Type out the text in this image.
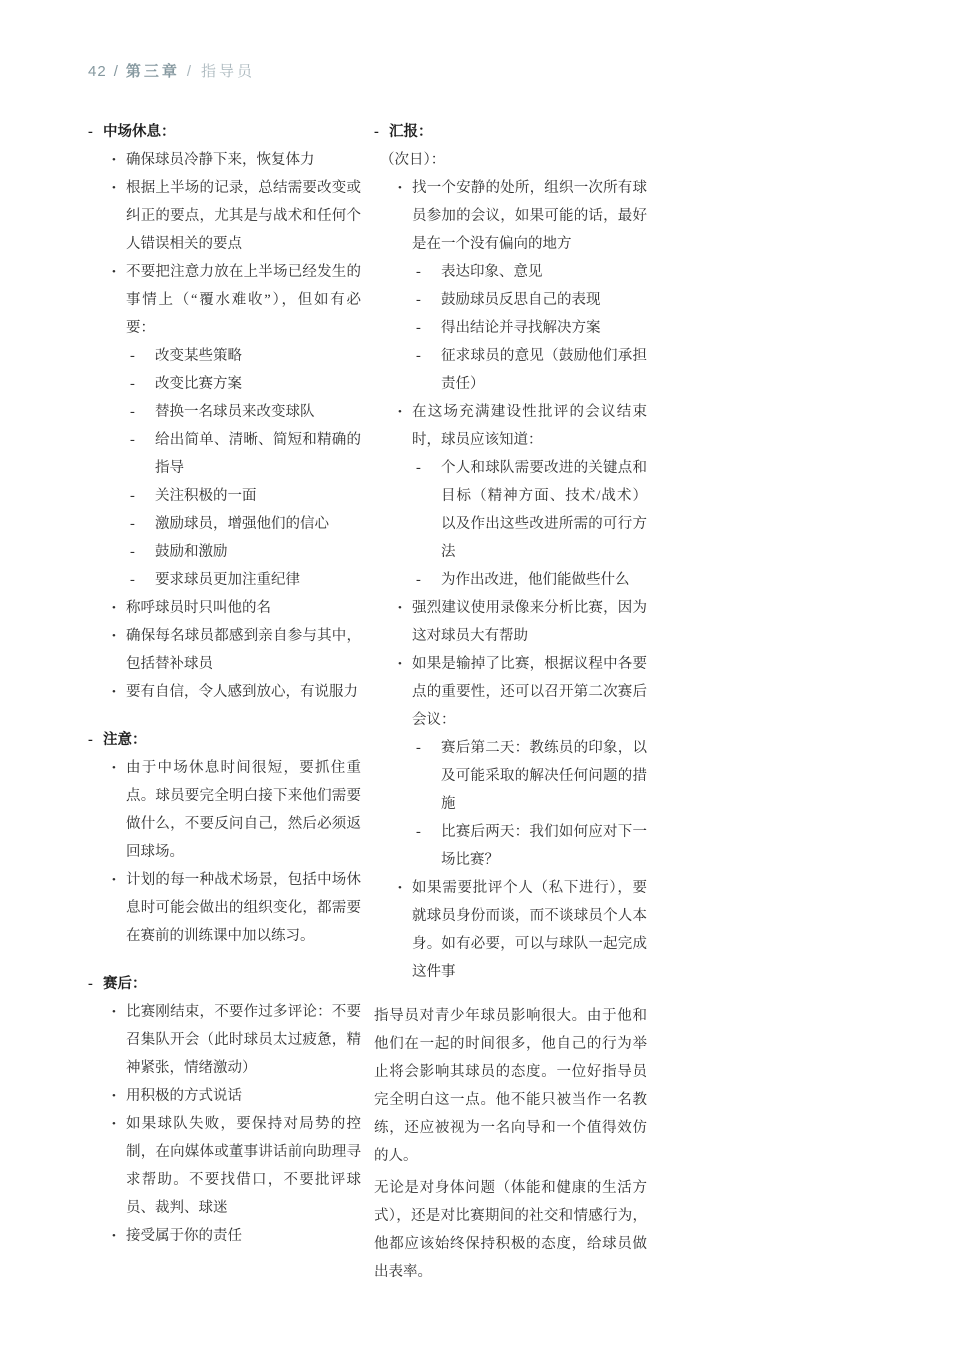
42 / 第三章 / 指导员
- 中场休息：
• 确保球员冷静下来，恢复体力
• 根据上半场的记录，总结需要改变或纠正的要点，尤其是与战术和任何个人错误相关的要点
• 不要把注意力放在上半场已经发生的事情上（“覆水难收”），但如有必要：
-	改变某些策略
-	改变比赛方案
-	替换一名球员来改变球队
-	给出简单、清晰、简短和精确的指导
-	关注积极的一面
-	激励球员，增强他们的信心
-	鼓励和激励
-	要求球员更加注重纪律
• 称呼球员时只叫他的名
• 确保每名球员都感到亲自参与其中，包括替补球员
• 要有自信，令人感到放心，有说服力
- 注意：
• 由于中场休息时间很短，要抓住重点。球员要完全明白接下来他们需要做什么，不要反问自己，然后必须返回球场。
• 计划的每一种战术场景，包括中场休息时可能会做出的组织变化，都需要在赛前的训练课中加以练习。
- 赛后：
• 比赛刚结束，不要作过多评论：不要召集队开会（此时球员太过疲惫，精神紧张，情绪激动）
• 用积极的方式说话
• 如果球队失败，要保持对局势的控制，在向媒体或董事讲话前向助理寻求帮助。不要找借口，不要批评球员、裁判、球迷
• 接受属于你的责任
- 汇报：
（次日）：
• 找一个安静的处所，组织一次所有球员参加的会议，如果可能的话，最好是在一个没有偏向的地方
-	表达印象、意见
-	鼓励球员反思自己的表现
-	得出结论并寻找解决方案
-	征求球员的意见（鼓励他们承担责任）
• 在这场充满建设性批评的会议结束时，球员应该知道：
-	个人和球队需要改进的关键点和目标（精神方面、技术/战术）以及作出这些改进所需的可行方法
-	为作出改进，他们能做些什么
• 强烈建议使用录像来分析比赛，因为这对球员大有帮助
• 如果是输掉了比赛，根据议程中各要点的重要性，还可以召开第二次赛后会议：
-	赛后第二天：教练员的印象，以及可能采取的解决任何问题的措施
-	比赛后两天：我们如何应对下一场比赛？
• 如果需要批评个人（私下进行），要就球员身份而谈，而不谈球员个人本身。如有必要，可以与球队一起完成这件事

指导员对青少年球员影响很大。由于他和他们在一起的时间很多，他自己的行为举止将会影响其球员的态度。一位好指导员完全明白这一点。他不能只被当作一名教练，还应被视为一名向导和一个值得效仿的人。

无论是对身体问题（体能和健康的生活方式），还是对比赛期间的社交和情感行为，他都应该始终保持积极的态度，给球员做出表率。
